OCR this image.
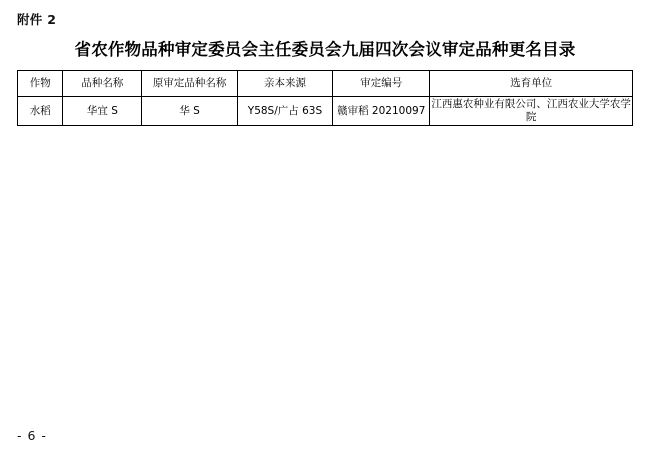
附件 2
省农作物品种审定委员会主任委员会九届四次会议审定品种更名目录
作物	品种名称	原审定品种名称	亲本来源	审定编号	选育单位
水稻	华宜 S	华 S	Y58S/广占 63S	赣审稻 20210097	江西惠农种业有限公司、江西农业大学农学院
- 6 -
